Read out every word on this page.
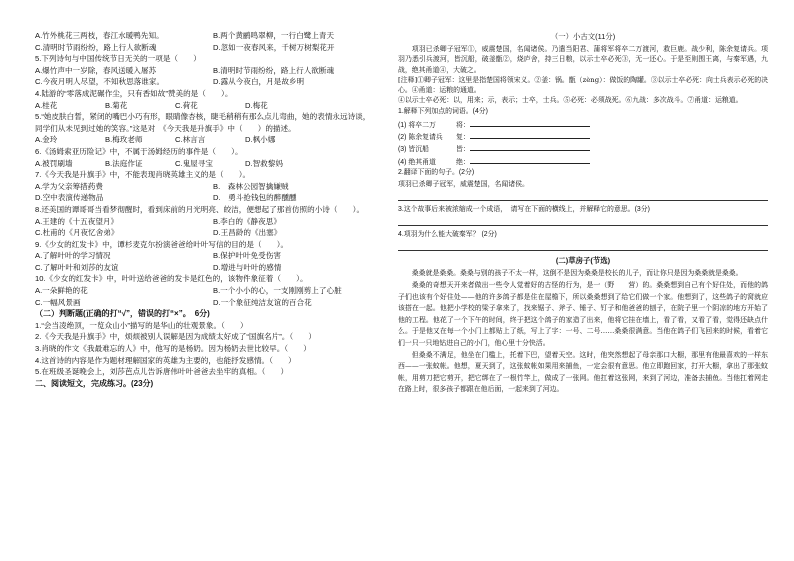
A.竹外桃花三两枝，春江水暖鸭先知。	B.两个黄鹂鸣翠柳，一行白鹭上青天
C.清明时节雨纷纷，路上行人欲断魂	D.忽如一夜春风来，千树万树梨花开
5.下列诗句与中国传统节日无关的一项是（　　）
A.爆竹声中一岁除，春风送暖入屠苏	B.清明时节雨纷纷，路上行人欲断魂
C.今夜月明人尽望，不知秋思落谁家。	D.露从今夜白，月是故乡明
4.陆游的“零落成泥碾作尘，只有香如故”赞美的是（　　）。
A.桂花	B.菊花	C.荷花	D.梅花
5.“她皮肤白皙，紧闭的嘴巴小巧有形，眼睛像杏核，睫毛稍稍有那么点儿弯曲，她的表情永远诗谈，
同学们从未见到过她的笑容。”这是对　《今天我是升旗手》中（　　）的描述。
A.金玲	B.梅玫老师	C.林言言	D.枫小娜
6.《汤姆索亚历险记》中，不属于汤姆经历的事件是（　　）。
A.被罚刷墙	B.法庭作证	C.鬼屋寻宝	D.智救黎妈
7.《今天我是升旗手》中，不能表现肖晓英雄主义的是（　　）。
A.学为父亲筹措药费	B.　森林公园智擒嫌贼
D.空中表演传递物品	D.　勇斗抢钱包的醉醺醺
8.还美国的谭哥哥当看梦彻醒时，看到床前的月光明亮、皎洁，便想起了那首仿照的小诗（　　）。
A.王建的《十五夜望月》	B.李白的《静夜思》
C.杜甫的《月夜忆舍弟》	D.王昌龄的《出塞》
9.《少女的红发卡》中，谭杉麦克尔扮演爸爸给叶叶写信的目的是（　　）。
A.了解叶叶的学习情况	B.保护叶叶免受伤害
C.了解叶叶和刘莎的友谊	D.增进与叶叶的感情
10.《少女的红发卡》中，叶叶送给爸爸的发卡是红色的，该物件象征着（　　）。
A.一朵鲜艳的花	B.一个小小的心，一支刚刚剪上了心脏
C.一幅风景画	D.一个象征纯洁友谊的百合花
（二）判断题(正确的打“√”，错误的打“×”。　6分)
1.“会当凌绝顶，一览众山小”描写的是华山的壮观景象。（　　）
2.《今天我是升旗手》中，烦烦被别人误解是因为成绩太好成了“国旗名片”。（　　）
3.肖晓的作文《我最难忘的人》中，他写的是杨奶。因为杨奶去世比较早。（　　）
4.这首诗的内容是作为题材理解国家的英雄为主要的，也能抒发感情。（　　）
5.在班级圣诞晚会上，刘莎芭点儿告诉唐伟叶叶爸爸去坐牢的真相。（　　）
二、阅读短文，完成练习。(23分)
（一）小古文(11分)
项羽已杀卿子冠军①，威震楚国，名闻诸侯。乃遣当阳君、蒲将军将卒二万渡河，救巨鹿。战少利，陈余复请兵。项羽乃悉引兵渡河，皆沉船，破釜甑②，烧庐舍，持三日粮，以示士卒必死③，无一还心。于是至则围王离，与秦军遇，九战，绝其甬道④，大破之。
[注释]①卿子冠军：这里是指楚国将领宋义。②釜：锅。甑（zèng）：做饭的陶罐。③以示士卒必死：向士兵表示必死的决心。④甬道：运粮的通道。
④以示士卒必死：以，用来；示，表示；士卒，士兵。⑤必死：必须战死。⑥九战：多次战斗。⑦甬道：运粮道。
1.解释下列加点的词语。(4分)
(1) 将卒二万	将：
(2) 陈余复请兵 复：
(3) 皆沉船	皆：
(4) 绝其甬道	绝：
2.翻译下面的句子。(2分)
项羽已杀卿子冠军，威震楚国，名闻诸侯。
3.这个故事后来被浓缩成一个成语，　请写在下面的横线上，并解释它的意思。(3分)
4.项羽为什么能大破秦军？ (2分)
(二)草房子(节选)
桑桑就是桑桑。桑桑与别的孩子不太一样，这倒不是因为桑桑是校长的儿子，而让你只是因为桑桑就是桑桑。
桑桑的奇想天开来者做出一些令人觉着好的古怪的行为，是一（野　　营）的。桑桑想到自己有个好住处，而他的鸽子们也该有个好住处——他的许多鸽子都是住在屋檐下，所以桑桑想到了给它们做一个家。他想到了，这些鸽子的窝就应该搭在一起。他把小学校的梁子拿来了，找来锯子、斧子、锤子、钉子和他爸爸的刨子，在院子里一个阴凉的地方开始了他的工程。他花了一个下午的时间，终于把这个鸽子的家造了出来，他将它挂在墙上，看了看，又看了看，觉得还缺点什么。于是他又在每一个小门上都贴上了纸，写上了字：一号、二号……桑桑很满意。当他在鸽子们飞回来的时候，看着它们一只一只地钻进自己的小门，他心里十分快活。
但桑桑不满足，他坐在门槛上，托着下巴，望着天空。这时，他突然想起了母亲那口大橱，那里有他最喜欢的一样东西——一张蚊帐。他想，夏天到了，这张蚊帐如果用来捕鱼，一定会很有意思。他立即跑回家，打开大橱，拿出了那张蚊帐，用剪刀把它剪开，把它绑在了一根竹竿上，做成了一张网。他扛着这张网，来到了河边，准备去捕鱼。当他扛着网走在路上时，很多孩子都跟在他后面，一起来到了河边。
